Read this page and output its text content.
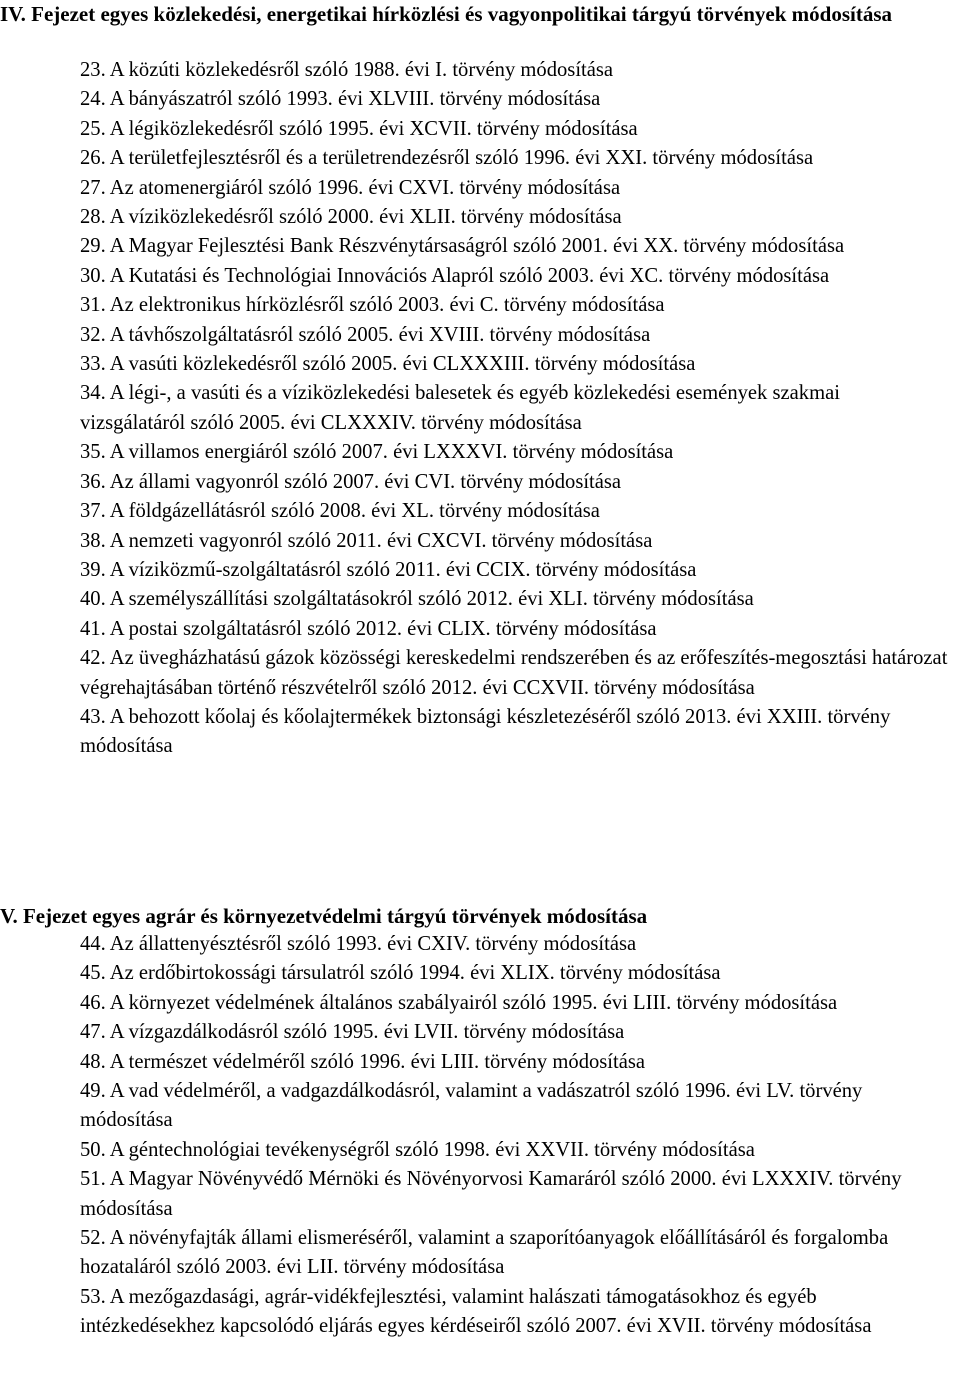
IV. Fejezet egyes közlekedési, energetikai hírközlési és vagyonpolitikai tárgyú törvények módosítása

23. A közúti közlekedésről szóló 1988. évi I. törvény módosítása

24. A bányászatról szóló 1993. évi XLVIII. törvény módosítása

25. A légiközlekedésről szóló 1995. évi XCVII. törvény módosítása

26. A területfejlesztésről és a területrendezésről szóló 1996. évi XXI. törvény módosítása

27. Az atomenergiáról szóló 1996. évi CXVI. törvény módosítása

28. A víziközlekedésről szóló 2000. évi XLII. törvény módosítása

29. A Magyar Fejlesztési Bank Részvénytársaságról szóló 2001. évi XX. törvény módosítása

30. A Kutatási és Technológiai Innovációs Alapról szóló 2003. évi XC. törvény módosítása

31. Az elektronikus hírközlésről szóló 2003. évi C. törvény módosítása

32. A távhőszolgáltatásról szóló 2005. évi XVIII. törvény módosítása

33. A vasúti közlekedésről szóló 2005. évi CLXXXIII. törvény módosítása

34. A légi-, a vasúti és a víziközlekedési balesetek és egyéb közlekedési események szakmai vizsgálatáról szóló 2005. évi CLXXXIV. törvény módosítása

35. A villamos energiáról szóló 2007. évi LXXXVI. törvény módosítása

36. Az állami vagyonról szóló 2007. évi CVI. törvény módosítása

37. A földgázellátásról szóló 2008. évi XL. törvény módosítása

38. A nemzeti vagyonról szóló 2011. évi CXCVI. törvény módosítása

39. A víziközmű-szolgáltatásról szóló 2011. évi CCIX. törvény módosítása

40. A személyszállítási szolgáltatásokról szóló 2012. évi XLI. törvény módosítása

41. A postai szolgáltatásról szóló 2012. évi CLIX. törvény módosítása

42. Az üvegházhatású gázok közösségi kereskedelmi rendszerében és az erőfeszítés-megosztási határozat végrehajtásában történő részvételről szóló 2012. évi CCXVII. törvény módosítása

43. A behozott kőolaj és kőolajtermékek biztonsági készletezéséről szóló 2013. évi XXIII. törvény módosítása

V. Fejezet egyes agrár és környezetvédelmi tárgyú törvények módosítása

44. Az állattenyésztésről szóló 1993. évi CXIV. törvény módosítása

45. Az erdőbirtokossági társulatról szóló 1994. évi XLIX. törvény módosítása

46. A környezet védelmének általános szabályairól szóló 1995. évi LIII. törvény módosítása

47. A vízgazdálkodásról szóló 1995. évi LVII. törvény módosítása

48. A természet védelméről szóló 1996. évi LIII. törvény módosítása

49. A vad védelméről, a vadgazdálkodásról, valamint a vadászatról szóló 1996. évi LV. törvény módosítása

50. A géntechnológiai tevékenységről szóló 1998. évi XXVII. törvény módosítása

51. A Magyar Növényvédő Mérnöki és Növényorvosi Kamaráról szóló 2000. évi LXXXIV. törvény módosítása

52. A növényfajták állami elismeréséről, valamint a szaporítóanyagok előállításáról és forgalomba hozataláról szóló 2003. évi LII. törvény módosítása

53. A mezőgazdasági, agrár-vidékfejlesztési, valamint halászati támogatásokhoz és egyéb intézkedésekhez kapcsolódó eljárás egyes kérdéseiről szóló 2007. évi XVII. törvény módosítása
